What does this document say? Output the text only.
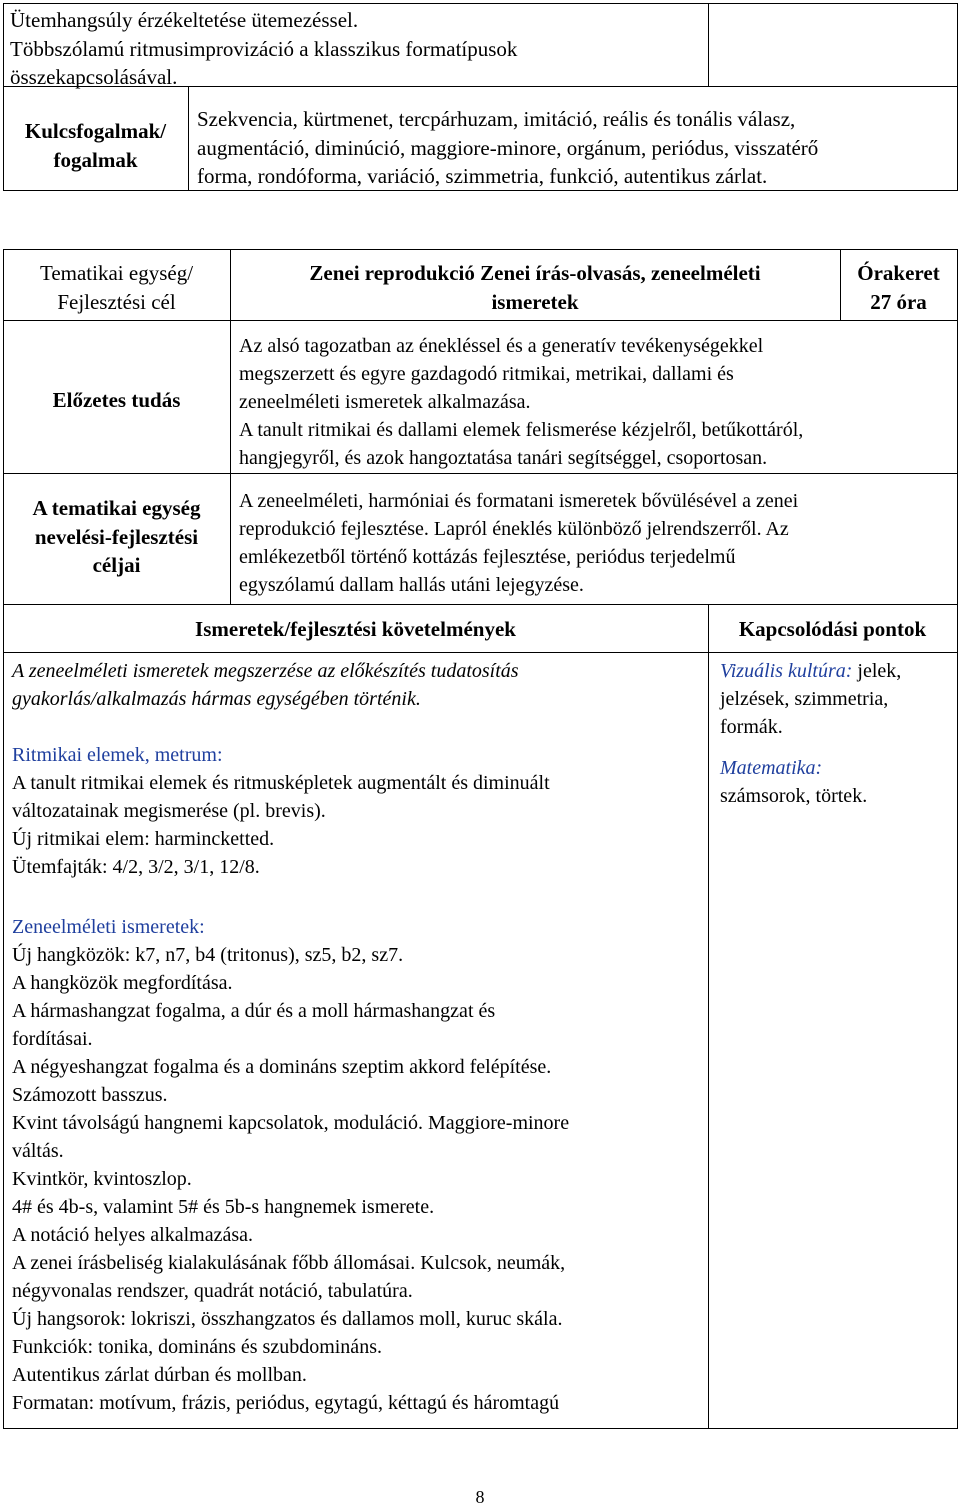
Ütemhangsúly érzékeltetése ütemezéssel.
Többszólamú ritmusimprovizáció a klasszikus formatípusok
összekapcsolásával.
Kulcsfogalmak/
fogalmak
Szekvencia, kürtmenet, tercpárhuzam, imitáció, reális és tonális válasz,
augmentáció, diminúció, maggiore-minore, orgánum, periódus, visszatérő
forma, rondóforma, variáció, szimmetria, funkció, autentikus zárlat.
Tematikai egység/
Fejlesztési cél
Zenei reprodukció Zenei írás-olvasás, zeneelméleti
ismeretek
Órakeret
27 óra
Előzetes tudás
Az alsó tagozatban az énekléssel és a generatív tevékenységekkel
megszerzett és egyre gazdagodó ritmikai, metrikai, dallami és
zeneelméleti ismeretek alkalmazása.
A tanult ritmikai és dallami elemek felismerése kézjelről, betűkottáról,
hangjegyről, és azok hangoztatása tanári segítséggel, csoportosan.
A tematikai egység
nevelési-fejlesztési
céljai
A zeneelméleti, harmóniai és formatani ismeretek bővülésével a zenei
reprodukció fejlesztése. Lapról éneklés különböző jelrendszerről. Az
emlékezetből történő kottázás fejlesztése, periódus terjedelmű
egyszólamú dallam hallás utáni lejegyzése.
Ismeretek/fejlesztési követelmények	Kapcsolódási pontok
A zeneelméleti ismeretek megszerzése az előkészítés tudatosítás
gyakorlás/alkalmazás hármas egységében történik.
Ritmikai elemek, metrum:
A tanult ritmikai elemek és ritmusképletek augmentált és diminuált
változatainak megismerése (pl. brevis).
Új ritmikai elem: harmincketted.
Ütemfajták: 4/2, 3/2, 3/1, 12/8.
Zeneelméleti ismeretek:
Új hangközök: k7, n7, b4 (tritonus), sz5, b2, sz7.
A hangközök megfordítása.
A hármashangzat fogalma, a dúr és a moll hármashangzat és
fordításai.
A négyeshangzat fogalma és a domináns szeptim akkord felépítése.
Számozott basszus.
Kvint távolságú hangnemi kapcsolatok, moduláció. Maggiore-minore
váltás.
Kvintkör, kvintoszlop.
4# és 4b-s, valamint 5# és 5b-s hangnemek ismerete.
A notáció helyes alkalmazása.
A zenei írásbeliség kialakulásának főbb állomásai. Kulcsok, neumák,
négyvonalas rendszer, quadrát notáció, tabulatúra.
Új hangsorok: lokriszi, összhangzatos és dallamos moll, kuruc skála.
Funkciók: tonika, domináns és szubdomináns.
Autentikus zárlat dúrban és mollban.
Formatan: motívum, frázis, periódus, egytagú, kéttagú és háromtagú
Vizuális kultúra: jelek,
jelzések, szimmetria,
formák.
Matematika:
számsorok, törtek.
8
